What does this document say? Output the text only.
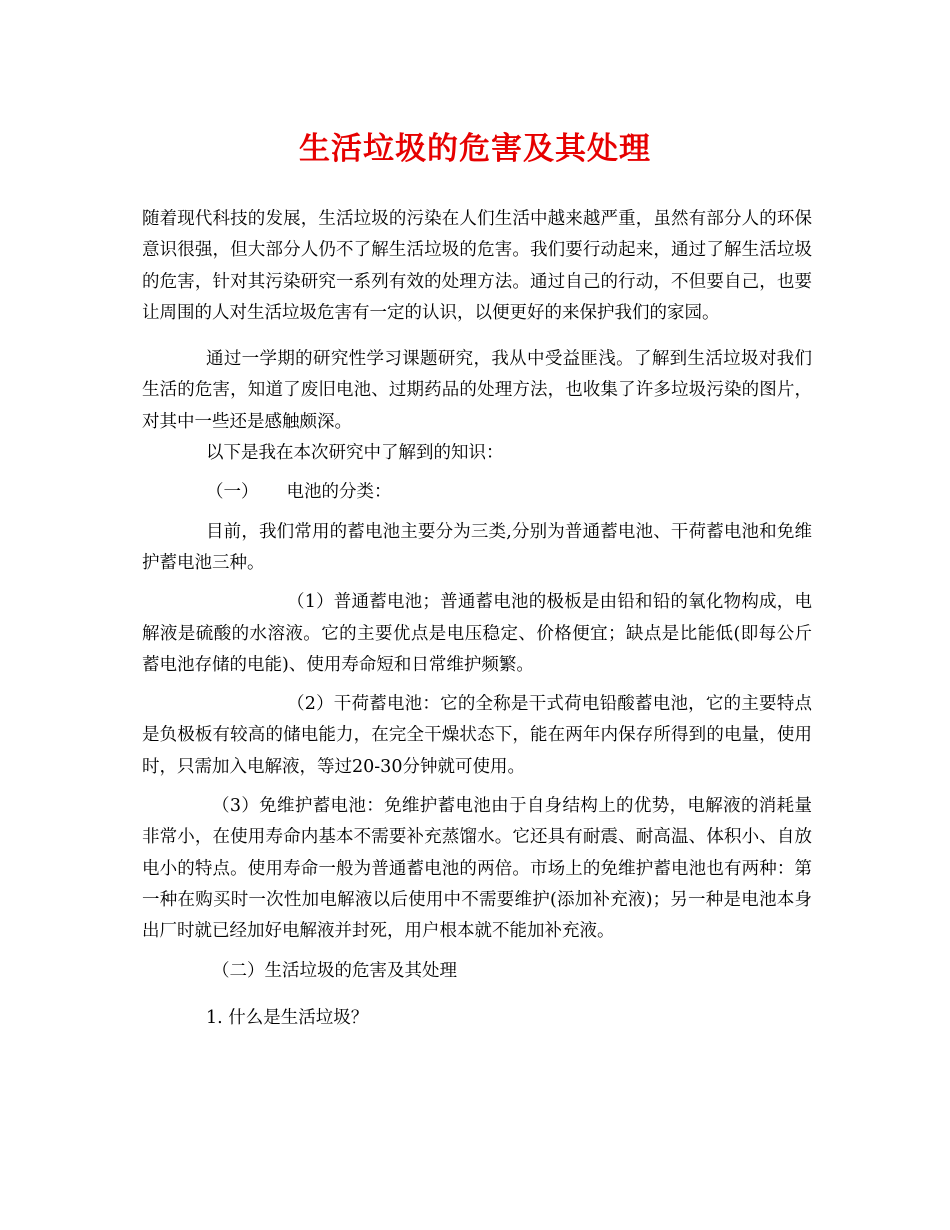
生活垃圾的危害及其处理

随着现代科技的发展，生活垃圾的污染在人们生活中越来越严重，虽然有部分人的环保意识很强，但大部分人仍不了解生活垃圾的危害。我们要行动起来，通过了解生活垃圾的危害，针对其污染研究一系列有效的处理方法。通过自己的行动，不但要自己，也要让周围的人对生活垃圾危害有一定的认识，以便更好的来保护我们的家园。

通过一学期的研究性学习课题研究，我从中受益匪浅。了解到生活垃圾对我们生活的危害，知道了废旧电池、过期药品的处理方法，也收集了许多垃圾污染的图片，对其中一些还是感触颇深。

以下是我在本次研究中了解到的知识：

（一） 电池的分类：

目前，我们常用的蓄电池主要分为三类,分别为普通蓄电池、干荷蓄电池和免维护蓄电池三种。

（1）普通蓄电池；普通蓄电池的极板是由铅和铅的氧化物构成，电解液是硫酸的水溶液。它的主要优点是电压稳定、价格便宜；缺点是比能低(即每公斤蓄电池存储的电能)、使用寿命短和日常维护频繁。

（2）干荷蓄电池：它的全称是干式荷电铅酸蓄电池，它的主要特点是负极板有较高的储电能力，在完全干燥状态下，能在两年内保存所得到的电量，使用时，只需加入电解液，等过20-30分钟就可使用。

（3）免维护蓄电池：免维护蓄电池由于自身结构上的优势，电解液的消耗量非常小，在使用寿命内基本不需要补充蒸馏水。它还具有耐震、耐高温、体积小、自放电小的特点。使用寿命一般为普通蓄电池的两倍。市场上的免维护蓄电池也有两种：第一种在购买时一次性加电解液以后使用中不需要维护(添加补充液)；另一种是电池本身出厂时就已经加好电解液并封死，用户根本就不能加补充液。

（二）生活垃圾的危害及其处理

1. 什么是生活垃圾？
